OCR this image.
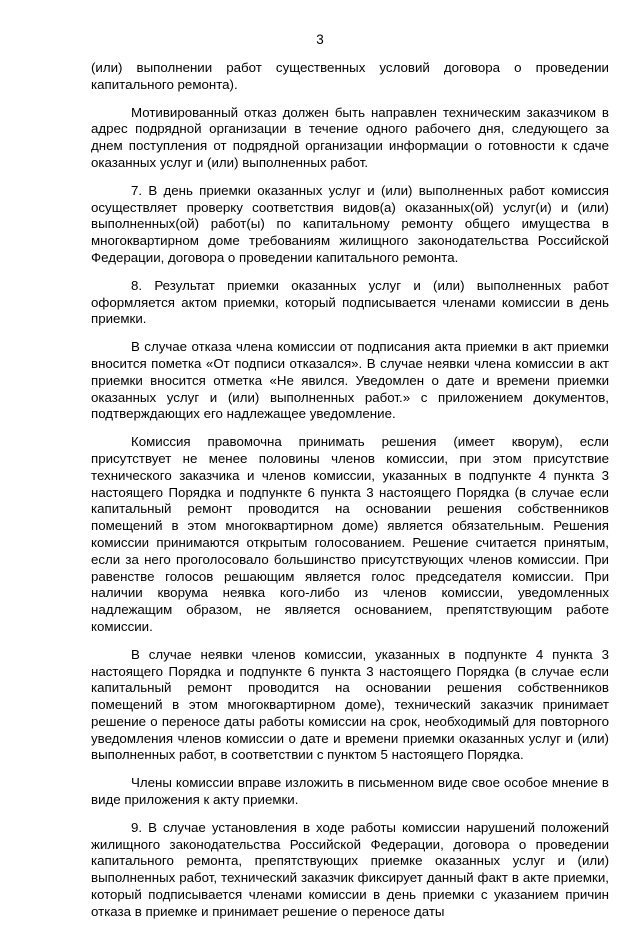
3

(или) выполнении работ существенных условий договора о проведении капитального ремонта).

Мотивированный отказ должен быть направлен техническим заказчиком в адрес подрядной организации в течение одного рабочего дня, следующего за днем поступления от подрядной организации информации о готовности к сдаче оказанных услуг и (или) выполненных работ.

7. В день приемки оказанных услуг и (или) выполненных работ комиссия осуществляет проверку соответствия видов(а) оказанных(ой) услуг(и) и (или) выполненных(ой) работ(ы) по капитальному ремонту общего имущества в многоквартирном доме требованиям жилищного законодательства Российской Федерации, договора о проведении капитального ремонта.

8. Результат приемки оказанных услуг и (или) выполненных работ оформляется актом приемки, который подписывается членами комиссии в день приемки.

В случае отказа члена комиссии от подписания акта приемки в акт приемки вносится пометка «От подписи отказался». В случае неявки члена комиссии в акт приемки вносится отметка «Не явился. Уведомлен о дате и времени приемки оказанных услуг и (или) выполненных работ.» с приложением документов, подтверждающих его надлежащее уведомление.

Комиссия правомочна принимать решения (имеет кворум), если присутствует не менее половины членов комиссии, при этом присутствие технического заказчика и членов комиссии, указанных в подпункте 4 пункта 3 настоящего Порядка и подпункте 6 пункта 3 настоящего Порядка (в случае если капитальный ремонт проводится на основании решения собственников помещений в этом многоквартирном доме) является обязательным. Решения комиссии принимаются открытым голосованием. Решение считается принятым, если за него проголосовало большинство присутствующих членов комиссии. При равенстве голосов решающим является голос председателя комиссии. При наличии кворума неявка кого-либо из членов комиссии, уведомленных надлежащим образом, не является основанием, препятствующим работе комиссии.

В случае неявки членов комиссии, указанных в подпункте 4 пункта 3 настоящего Порядка и подпункте 6 пункта 3 настоящего Порядка (в случае если капитальный ремонт проводится на основании решения собственников помещений в этом многоквартирном доме), технический заказчик принимает решение о переносе даты работы комиссии на срок, необходимый для повторного уведомления членов комиссии о дате и времени приемки оказанных услуг и (или) выполненных работ, в соответствии с пунктом 5 настоящего Порядка.

Члены комиссии вправе изложить в письменном виде свое особое мнение в виде приложения к акту приемки.

9. В случае установления в ходе работы комиссии нарушений положений жилищного законодательства Российской Федерации, договора о проведении капитального ремонта, препятствующих приемке оказанных услуг и (или) выполненных работ, технический заказчик фиксирует данный факт в акте приемки, который подписывается членами комиссии в день приемки с указанием причин отказа в приемке и принимает решение о переносе даты
